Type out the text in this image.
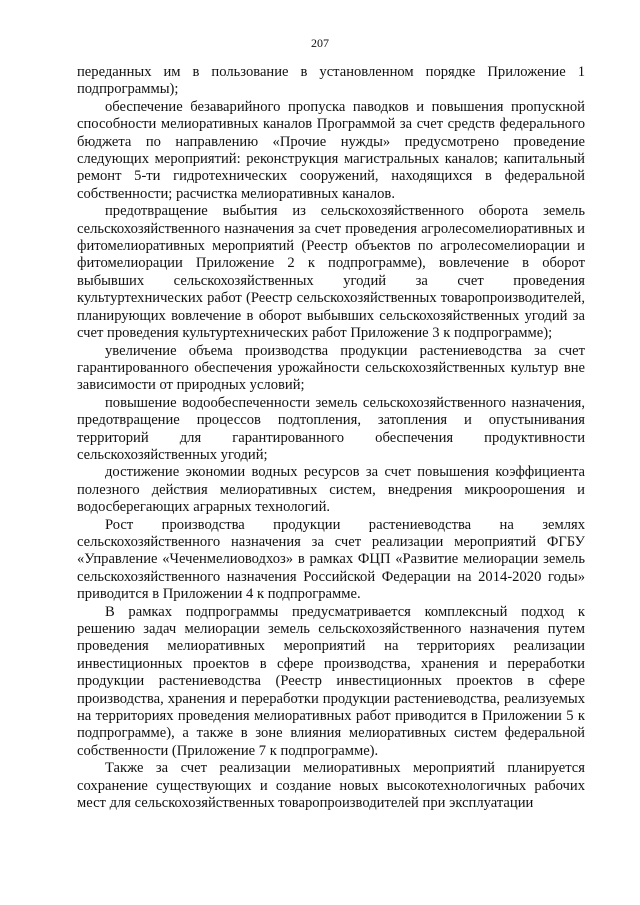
207

переданных им в пользование в установленном порядке Приложение 1 подпрограммы);

обеспечение безаварийного пропуска паводков и повышения пропускной способности мелиоративных каналов Программой за счет средств федерального бюджета по направлению «Прочие нужды» предусмотрено проведение следующих мероприятий: реконструкция магистральных каналов; капитальный ремонт 5-ти гидротехнических сооружений, находящихся в федеральной собственности; расчистка мелиоративных каналов.

предотвращение выбытия из сельскохозяйственного оборота земель сельскохозяйственного назначения за счет проведения агролесомелиоративных и фитомелиоративных мероприятий (Реестр объектов по агролесомелиорации и фитомелиорации Приложение 2 к подпрограмме), вовлечение в оборот выбывших сельскохозяйственных угодий за счет проведения культуртехнических работ (Реестр сельскохозяйственных товаропроизводителей, планирующих вовлечение в оборот выбывших сельскохозяйственных угодий за счет проведения культуртехнических работ Приложение 3 к подпрограмме);

увеличение объема производства продукции растениеводства за счет гарантированного обеспечения урожайности сельскохозяйственных культур вне зависимости от природных условий;

повышение водообеспеченности земель сельскохозяйственного назначения, предотвращение процессов подтопления, затопления и опустынивания территорий для гарантированного обеспечения продуктивности сельскохозяйственных угодий;

достижение экономии водных ресурсов за счет повышения коэффициента полезного действия мелиоративных систем, внедрения микроорошения и водосберегающих аграрных технологий.

Рост производства продукции растениеводства на землях сельскохозяйственного назначения за счет реализации мероприятий ФГБУ «Управление «Чеченмелиоводхоз» в рамках ФЦП «Развитие мелиорации земель сельскохозяйственного назначения Российской Федерации на 2014-2020 годы» приводится в Приложении 4 к подпрограмме.

В рамках подпрограммы предусматривается комплексный подход к решению задач мелиорации земель сельскохозяйственного назначения путем проведения мелиоративных мероприятий на территориях реализации инвестиционных проектов в сфере производства, хранения и переработки продукции растениеводства (Реестр инвестиционных проектов в сфере производства, хранения и переработки продукции растениеводства, реализуемых на территориях проведения мелиоративных работ приводится в Приложении 5 к подпрограмме), а также в зоне влияния мелиоративных систем федеральной собственности (Приложение 7 к подпрограмме).

Также за счет реализации мелиоративных мероприятий планируется сохранение существующих и создание новых высокотехнологичных рабочих мест для сельскохозяйственных товаропроизводителей при эксплуатации
